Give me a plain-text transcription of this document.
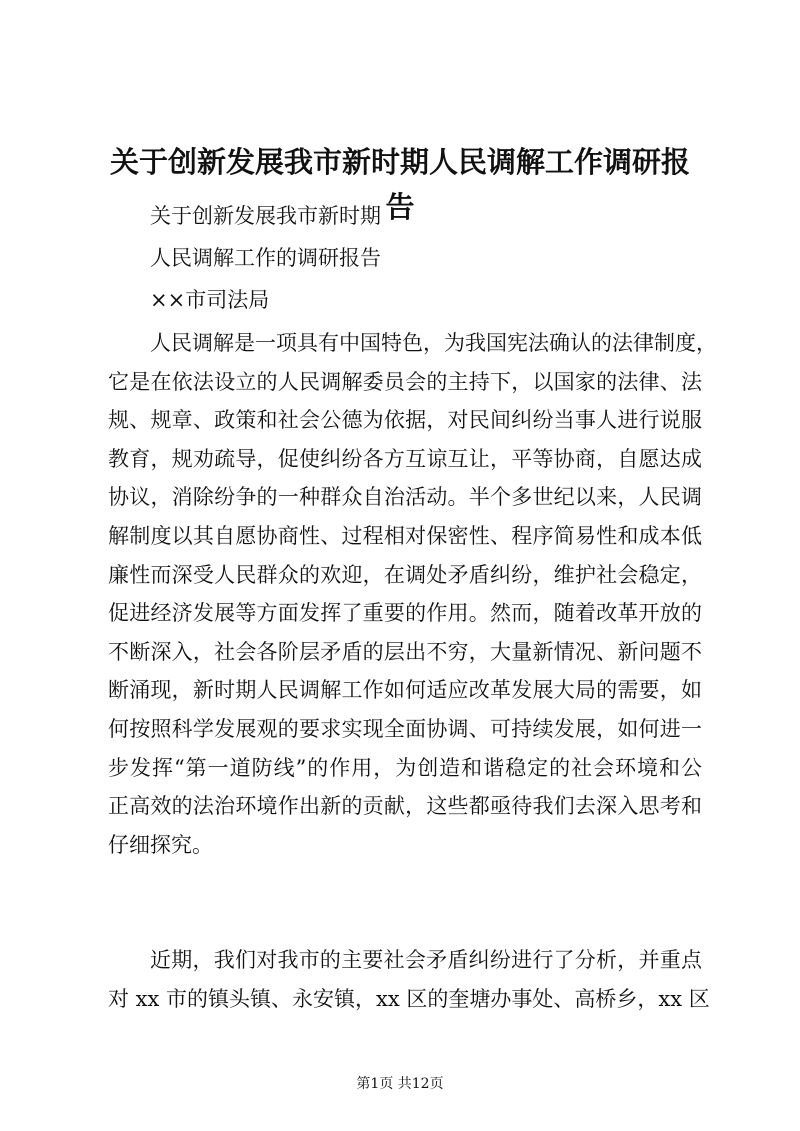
关于创新发展我市新时期人民调解工作调研报告
关于创新发展我市新时期
人民调解工作的调研报告
××市司法局
人民调解是一项具有中国特色，为我国宪法确认的法律制度，
它是在依法设立的人民调解委员会的主持下，以国家的法律、法
规、规章、政策和社会公德为依据，对民间纠纷当事人进行说服
教育，规劝疏导，促使纠纷各方互谅互让，平等协商，自愿达成
协议，消除纷争的一种群众自治活动。半个多世纪以来，人民调
解制度以其自愿协商性、过程相对保密性、程序简易性和成本低
廉性而深受人民群众的欢迎，在调处矛盾纠纷，维护社会稳定，
促进经济发展等方面发挥了重要的作用。然而，随着改革开放的
不断深入，社会各阶层矛盾的层出不穷，大量新情况、新问题不
断涌现，新时期人民调解工作如何适应改革发展大局的需要，如
何按照科学发展观的要求实现全面协调、可持续发展，如何进一
步发挥“第一道防线”的作用，为创造和谐稳定的社会环境和公
正高效的法治环境作出新的贡献，这些都亟待我们去深入思考和
仔细探究。
近期，我们对我市的主要社会矛盾纠纷进行了分析，并重点
对 xx 市的镇头镇、永安镇，xx 区的奎塘办事处、高桥乡，xx 区
第1页 共12页
